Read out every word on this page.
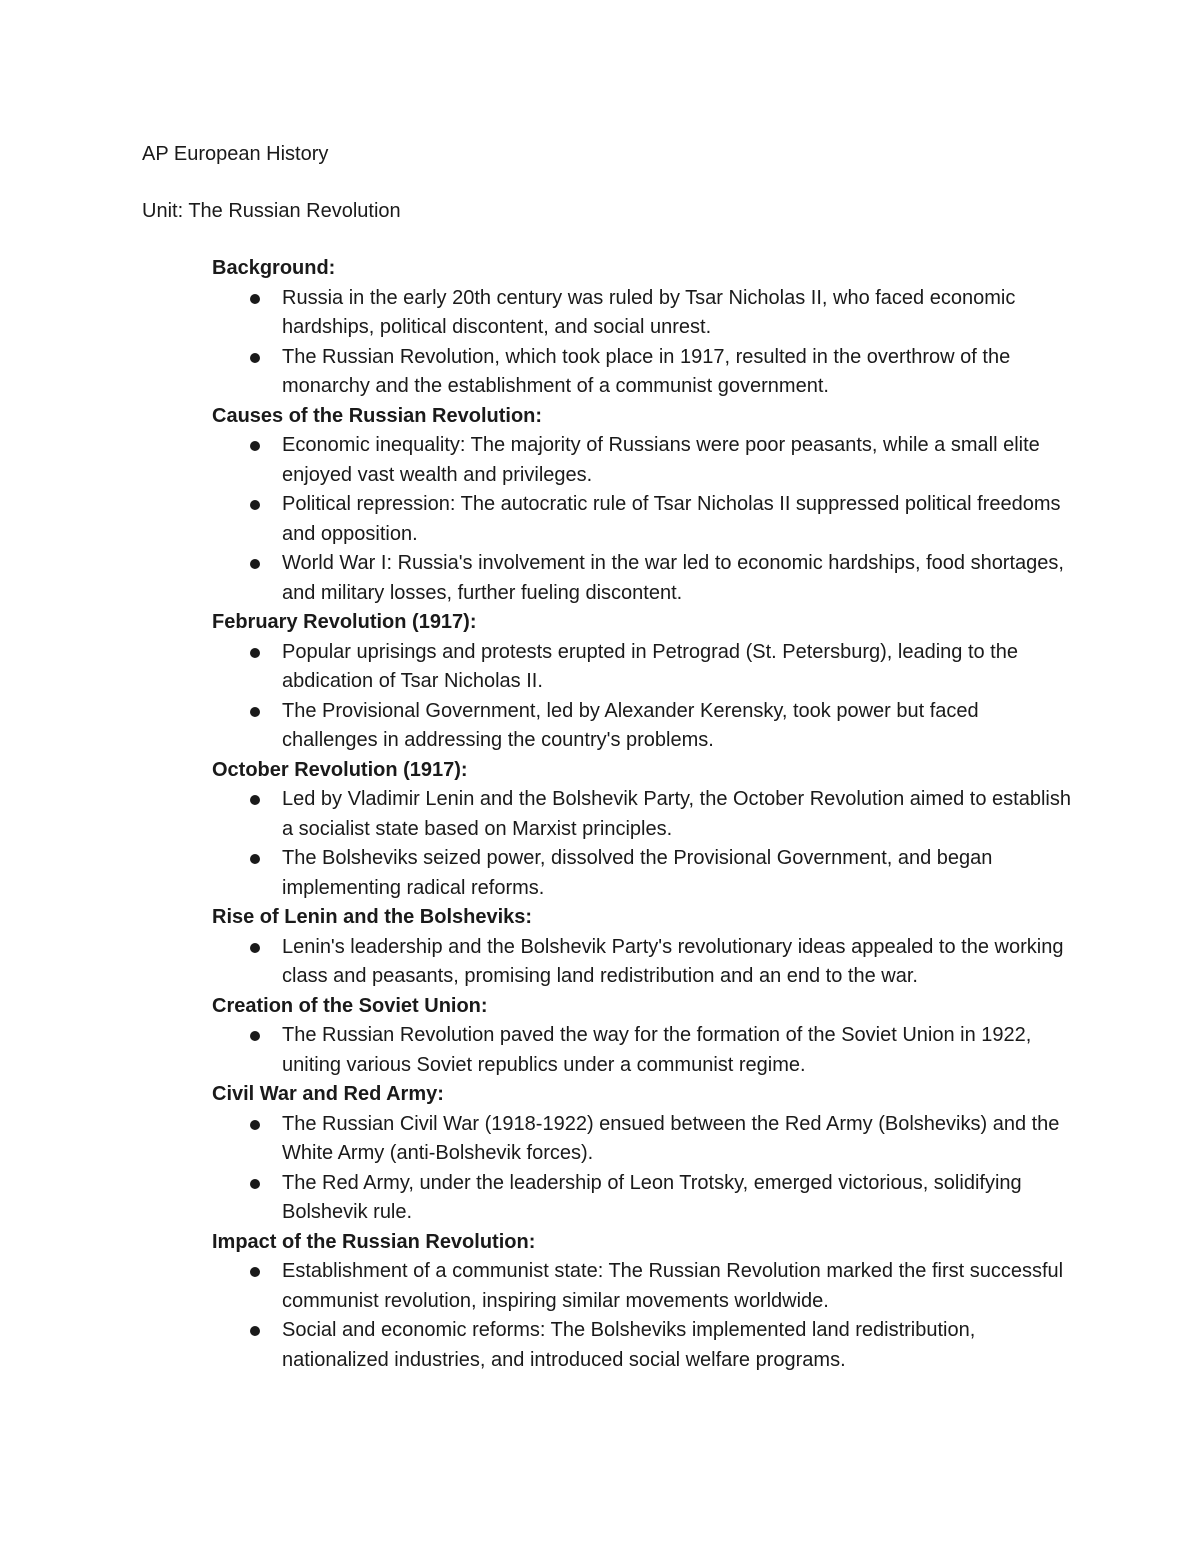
AP European History
Unit: The Russian Revolution
Background:
Russia in the early 20th century was ruled by Tsar Nicholas II, who faced economic hardships, political discontent, and social unrest.
The Russian Revolution, which took place in 1917, resulted in the overthrow of the monarchy and the establishment of a communist government.
Causes of the Russian Revolution:
Economic inequality: The majority of Russians were poor peasants, while a small elite enjoyed vast wealth and privileges.
Political repression: The autocratic rule of Tsar Nicholas II suppressed political freedoms and opposition.
World War I: Russia's involvement in the war led to economic hardships, food shortages, and military losses, further fueling discontent.
February Revolution (1917):
Popular uprisings and protests erupted in Petrograd (St. Petersburg), leading to the abdication of Tsar Nicholas II.
The Provisional Government, led by Alexander Kerensky, took power but faced challenges in addressing the country's problems.
October Revolution (1917):
Led by Vladimir Lenin and the Bolshevik Party, the October Revolution aimed to establish a socialist state based on Marxist principles.
The Bolsheviks seized power, dissolved the Provisional Government, and began implementing radical reforms.
Rise of Lenin and the Bolsheviks:
Lenin's leadership and the Bolshevik Party's revolutionary ideas appealed to the working class and peasants, promising land redistribution and an end to the war.
Creation of the Soviet Union:
The Russian Revolution paved the way for the formation of the Soviet Union in 1922, uniting various Soviet republics under a communist regime.
Civil War and Red Army:
The Russian Civil War (1918-1922) ensued between the Red Army (Bolsheviks) and the White Army (anti-Bolshevik forces).
The Red Army, under the leadership of Leon Trotsky, emerged victorious, solidifying Bolshevik rule.
Impact of the Russian Revolution:
Establishment of a communist state: The Russian Revolution marked the first successful communist revolution, inspiring similar movements worldwide.
Social and economic reforms: The Bolsheviks implemented land redistribution, nationalized industries, and introduced social welfare programs.
